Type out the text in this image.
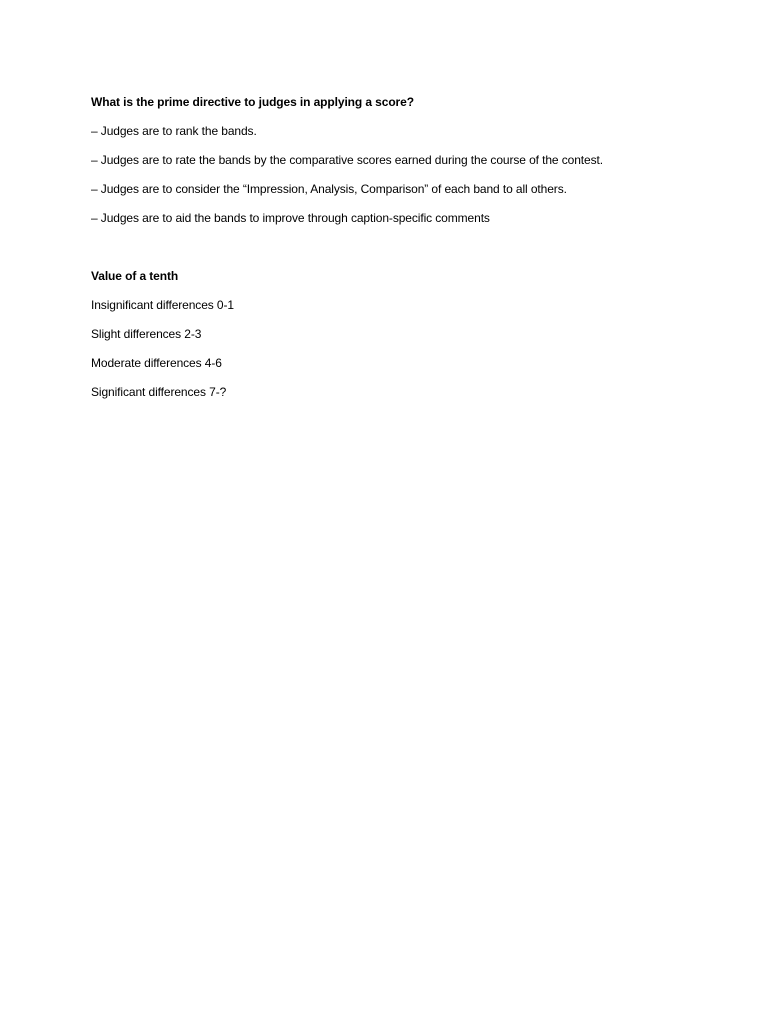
What is the prime directive to judges in applying a score?
– Judges are to rank the bands.
– Judges are to rate the bands by the comparative scores earned during the course of the contest.
– Judges are to consider the “Impression, Analysis, Comparison” of each band to all others.
– Judges are to aid the bands to improve through caption-specific comments
Value of a tenth
Insignificant differences 0-1
Slight differences 2-3
Moderate differences 4-6
Significant differences 7-?
